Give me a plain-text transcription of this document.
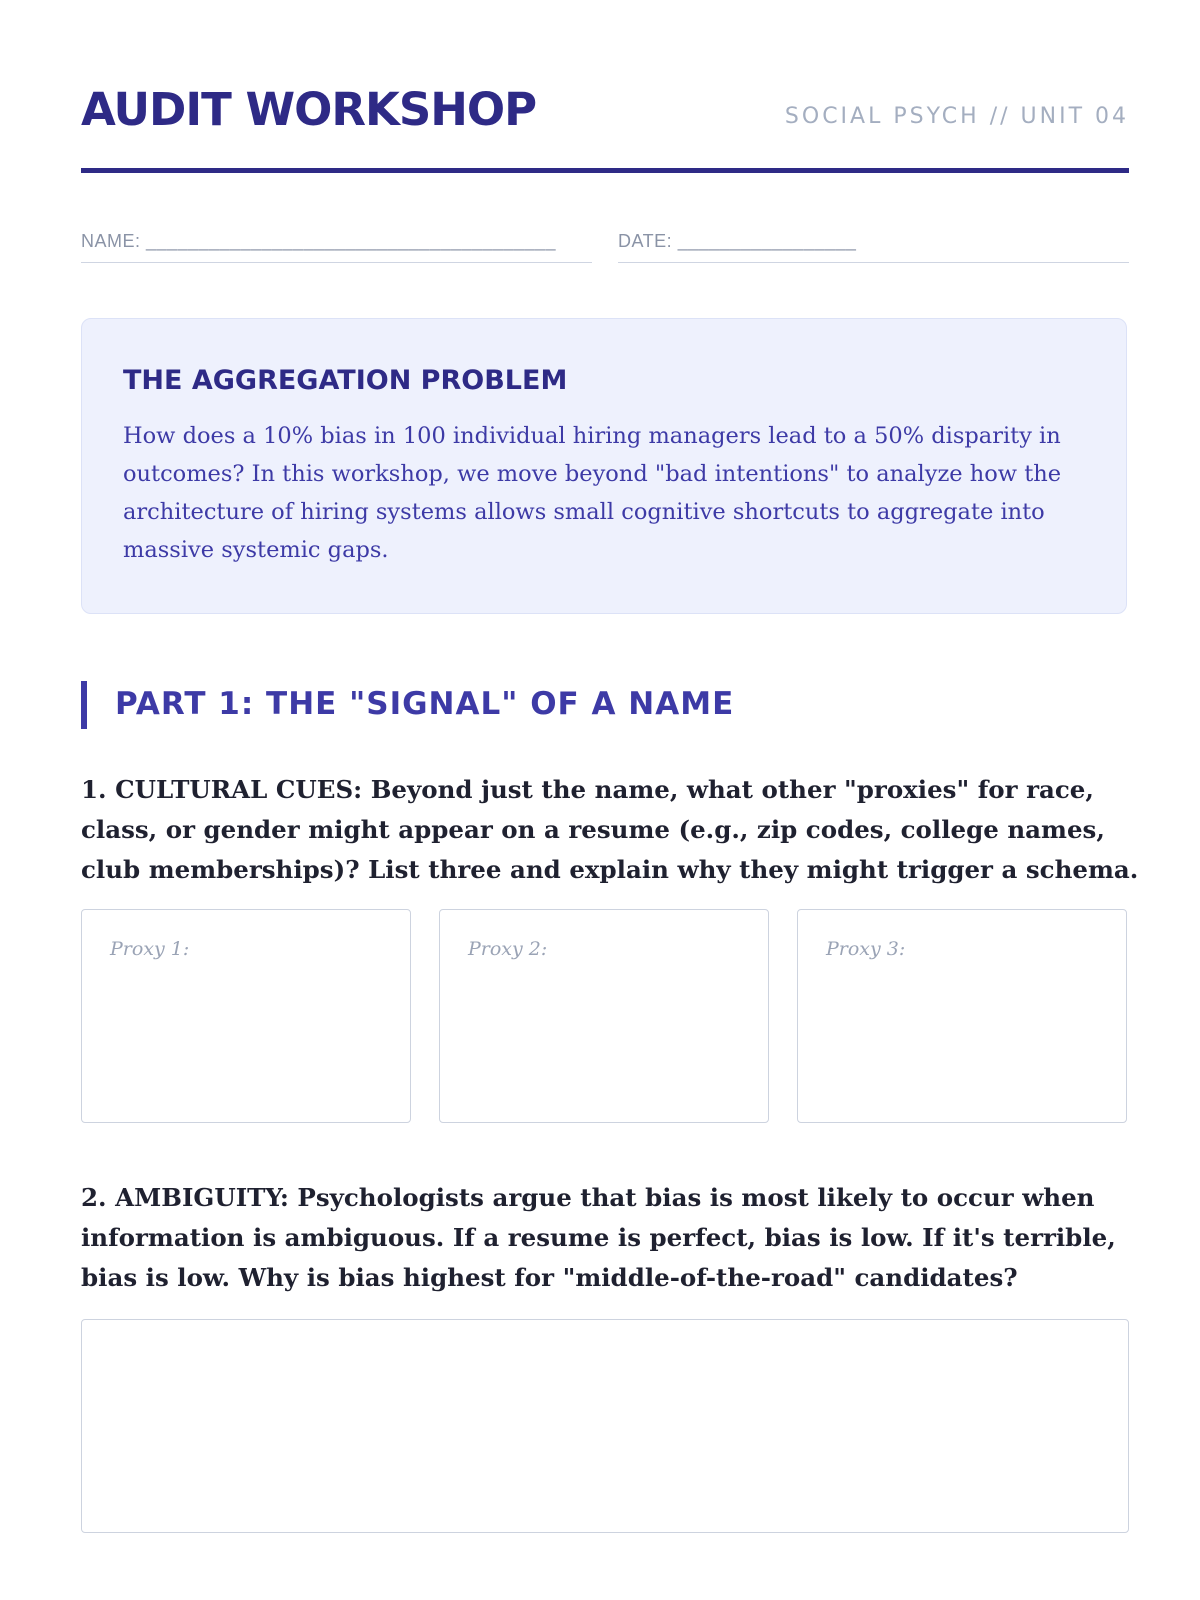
AUDIT WORKSHOP	SOCIAL PSYCH // UNIT 04
NAME: _______________________________________	DATE: _________________
THE AGGREGATION PROBLEM
How does a 10% bias in 100 individual hiring managers lead to a 50% disparity in outcomes? In this workshop, we move beyond "bad intentions" to analyze how the architecture of hiring systems allows small cognitive shortcuts to aggregate into massive systemic gaps.
PART 1: THE "SIGNAL" OF A NAME
1. CULTURAL CUES: Beyond just the name, what other "proxies" for race, class, or gender might appear on a resume (e.g., zip codes, college names, club memberships)? List three and explain why they might trigger a schema.
Proxy 1:	Proxy 2:	Proxy 3:
2. AMBIGUITY: Psychologists argue that bias is most likely to occur when information is ambiguous. If a resume is perfect, bias is low. If it's terrible, bias is low. Why is bias highest for "middle-of-the-road" candidates?
